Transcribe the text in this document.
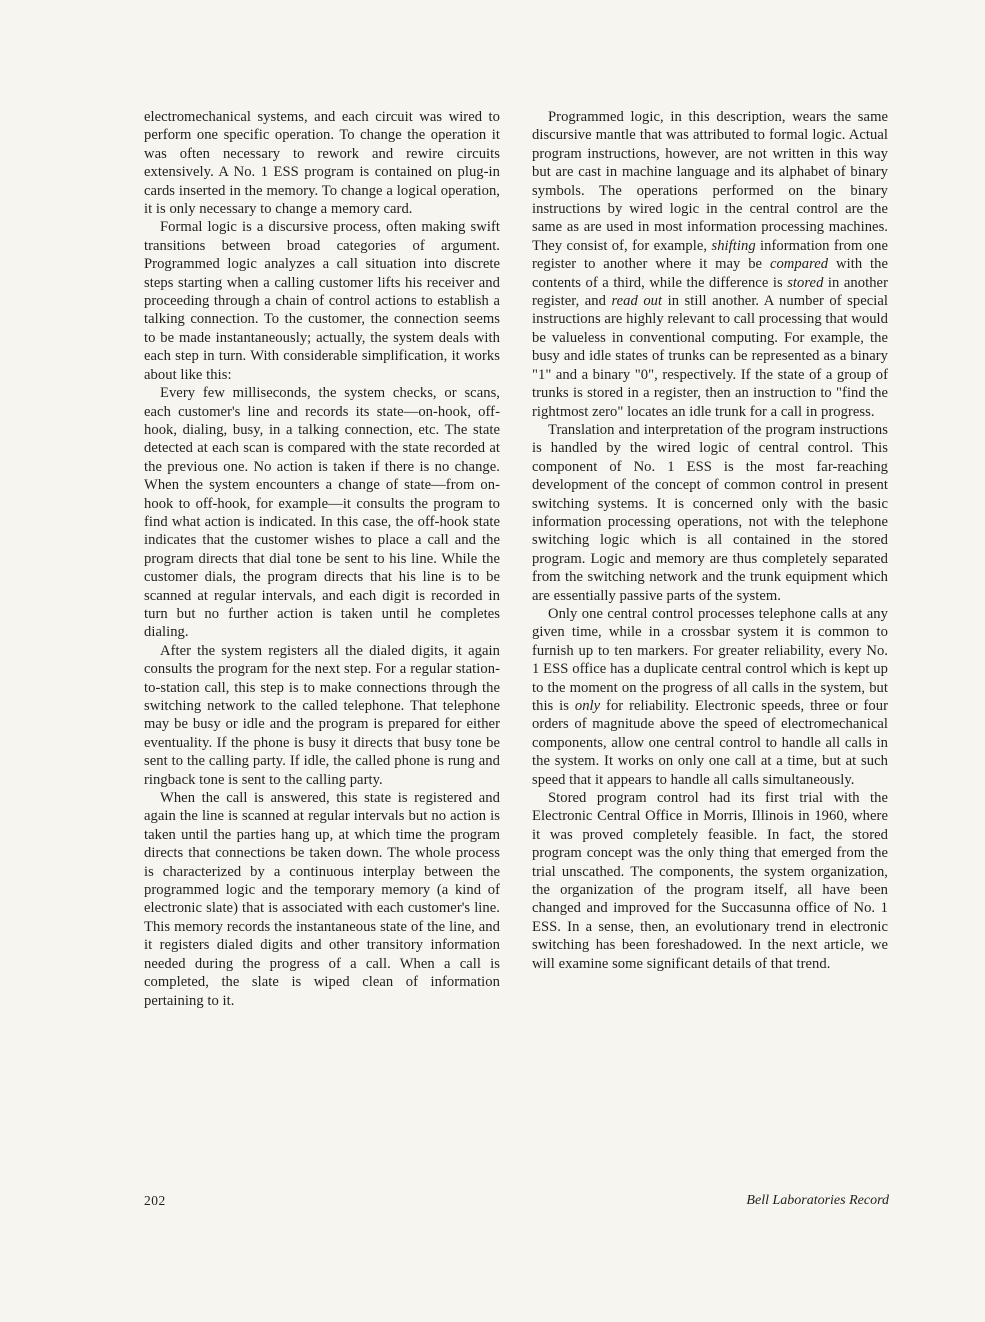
electromechanical systems, and each circuit was wired to perform one specific operation. To change the operation it was often necessary to rework and rewire circuits extensively. A No. 1 ESS program is contained on plug-in cards inserted in the memory. To change a logical operation, it is only necessary to change a memory card.

Formal logic is a discursive process, often making swift transitions between broad categories of argument. Programmed logic analyzes a call situation into discrete steps starting when a calling customer lifts his receiver and proceeding through a chain of control actions to establish a talking connection. To the customer, the connection seems to be made instantaneously; actually, the system deals with each step in turn. With considerable simplification, it works about like this:

Every few milliseconds, the system checks, or scans, each customer's line and records its state—on-hook, off-hook, dialing, busy, in a talking connection, etc. The state detected at each scan is compared with the state recorded at the previous one. No action is taken if there is no change. When the system encounters a change of state—from on-hook to off-hook, for example—it consults the program to find what action is indicated. In this case, the off-hook state indicates that the customer wishes to place a call and the program directs that dial tone be sent to his line. While the customer dials, the program directs that his line is to be scanned at regular intervals, and each digit is recorded in turn but no further action is taken until he completes dialing.

After the system registers all the dialed digits, it again consults the program for the next step. For a regular station-to-station call, this step is to make connections through the switching network to the called telephone. That telephone may be busy or idle and the program is prepared for either eventuality. If the phone is busy it directs that busy tone be sent to the calling party. If idle, the called phone is rung and ringback tone is sent to the calling party.

When the call is answered, this state is registered and again the line is scanned at regular intervals but no action is taken until the parties hang up, at which time the program directs that connections be taken down. The whole process is characterized by a continuous interplay between the programmed logic and the temporary memory (a kind of electronic slate) that is associated with each customer's line. This memory records the instantaneous state of the line, and it registers dialed digits and other transitory information needed during the progress of a call. When a call is completed, the slate is wiped clean of information pertaining to it.

Programmed logic, in this description, wears the same discursive mantle that was attributed to formal logic. Actual program instructions, however, are not written in this way but are cast in machine language and its alphabet of binary symbols. The operations performed on the binary instructions by wired logic in the central control are the same as are used in most information processing machines. They consist of, for example, shifting information from one register to another where it may be compared with the contents of a third, while the difference is stored in another register, and read out in still another. A number of special instructions are highly relevant to call processing that would be valueless in conventional computing. For example, the busy and idle states of trunks can be represented as a binary "1" and a binary "0", respectively. If the state of a group of trunks is stored in a register, then an instruction to "find the rightmost zero" locates an idle trunk for a call in progress.

Translation and interpretation of the program instructions is handled by the wired logic of central control. This component of No. 1 ESS is the most far-reaching development of the concept of common control in present switching systems. It is concerned only with the basic information processing operations, not with the telephone switching logic which is all contained in the stored program. Logic and memory are thus completely separated from the switching network and the trunk equipment which are essentially passive parts of the system.

Only one central control processes telephone calls at any given time, while in a crossbar system it is common to furnish up to ten markers. For greater reliability, every No. 1 ESS office has a duplicate central control which is kept up to the moment on the progress of all calls in the system, but this is only for reliability. Electronic speeds, three or four orders of magnitude above the speed of electromechanical components, allow one central control to handle all calls in the system. It works on only one call at a time, but at such speed that it appears to handle all calls simultaneously.

Stored program control had its first trial with the Electronic Central Office in Morris, Illinois in 1960, where it was proved completely feasible. In fact, the stored program concept was the only thing that emerged from the trial unscathed. The components, the system organization, the organization of the program itself, all have been changed and improved for the Succasunna office of No. 1 ESS. In a sense, then, an evolutionary trend in electronic switching has been foreshadowed. In the next article, we will examine some significant details of that trend.

202	Bell Laboratories Record
